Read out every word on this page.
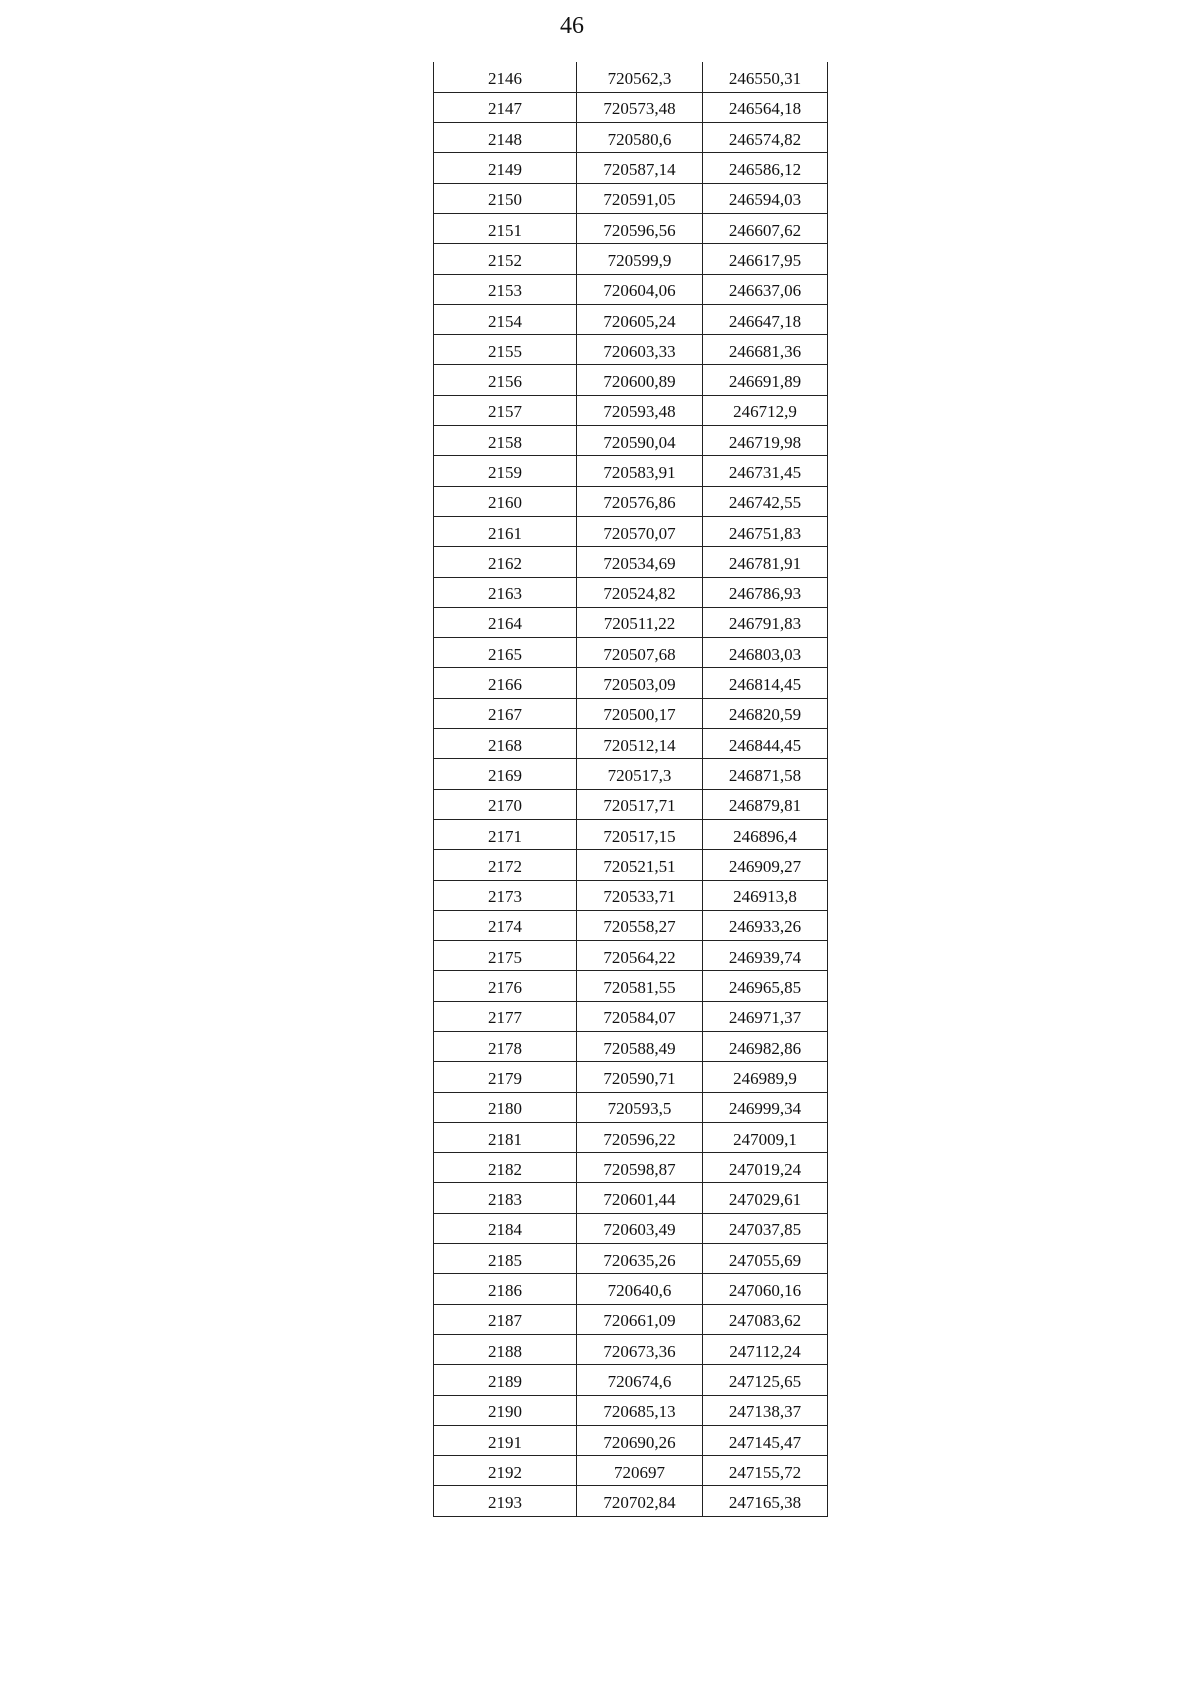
46
2146	720562,3	246550,31
2147	720573,48	246564,18
2148	720580,6	246574,82
2149	720587,14	246586,12
2150	720591,05	246594,03
2151	720596,56	246607,62
2152	720599,9	246617,95
2153	720604,06	246637,06
2154	720605,24	246647,18
2155	720603,33	246681,36
2156	720600,89	246691,89
2157	720593,48	246712,9
2158	720590,04	246719,98
2159	720583,91	246731,45
2160	720576,86	246742,55
2161	720570,07	246751,83
2162	720534,69	246781,91
2163	720524,82	246786,93
2164	720511,22	246791,83
2165	720507,68	246803,03
2166	720503,09	246814,45
2167	720500,17	246820,59
2168	720512,14	246844,45
2169	720517,3	246871,58
2170	720517,71	246879,81
2171	720517,15	246896,4
2172	720521,51	246909,27
2173	720533,71	246913,8
2174	720558,27	246933,26
2175	720564,22	246939,74
2176	720581,55	246965,85
2177	720584,07	246971,37
2178	720588,49	246982,86
2179	720590,71	246989,9
2180	720593,5	246999,34
2181	720596,22	247009,1
2182	720598,87	247019,24
2183	720601,44	247029,61
2184	720603,49	247037,85
2185	720635,26	247055,69
2186	720640,6	247060,16
2187	720661,09	247083,62
2188	720673,36	247112,24
2189	720674,6	247125,65
2190	720685,13	247138,37
2191	720690,26	247145,47
2192	720697	247155,72
2193	720702,84	247165,38
